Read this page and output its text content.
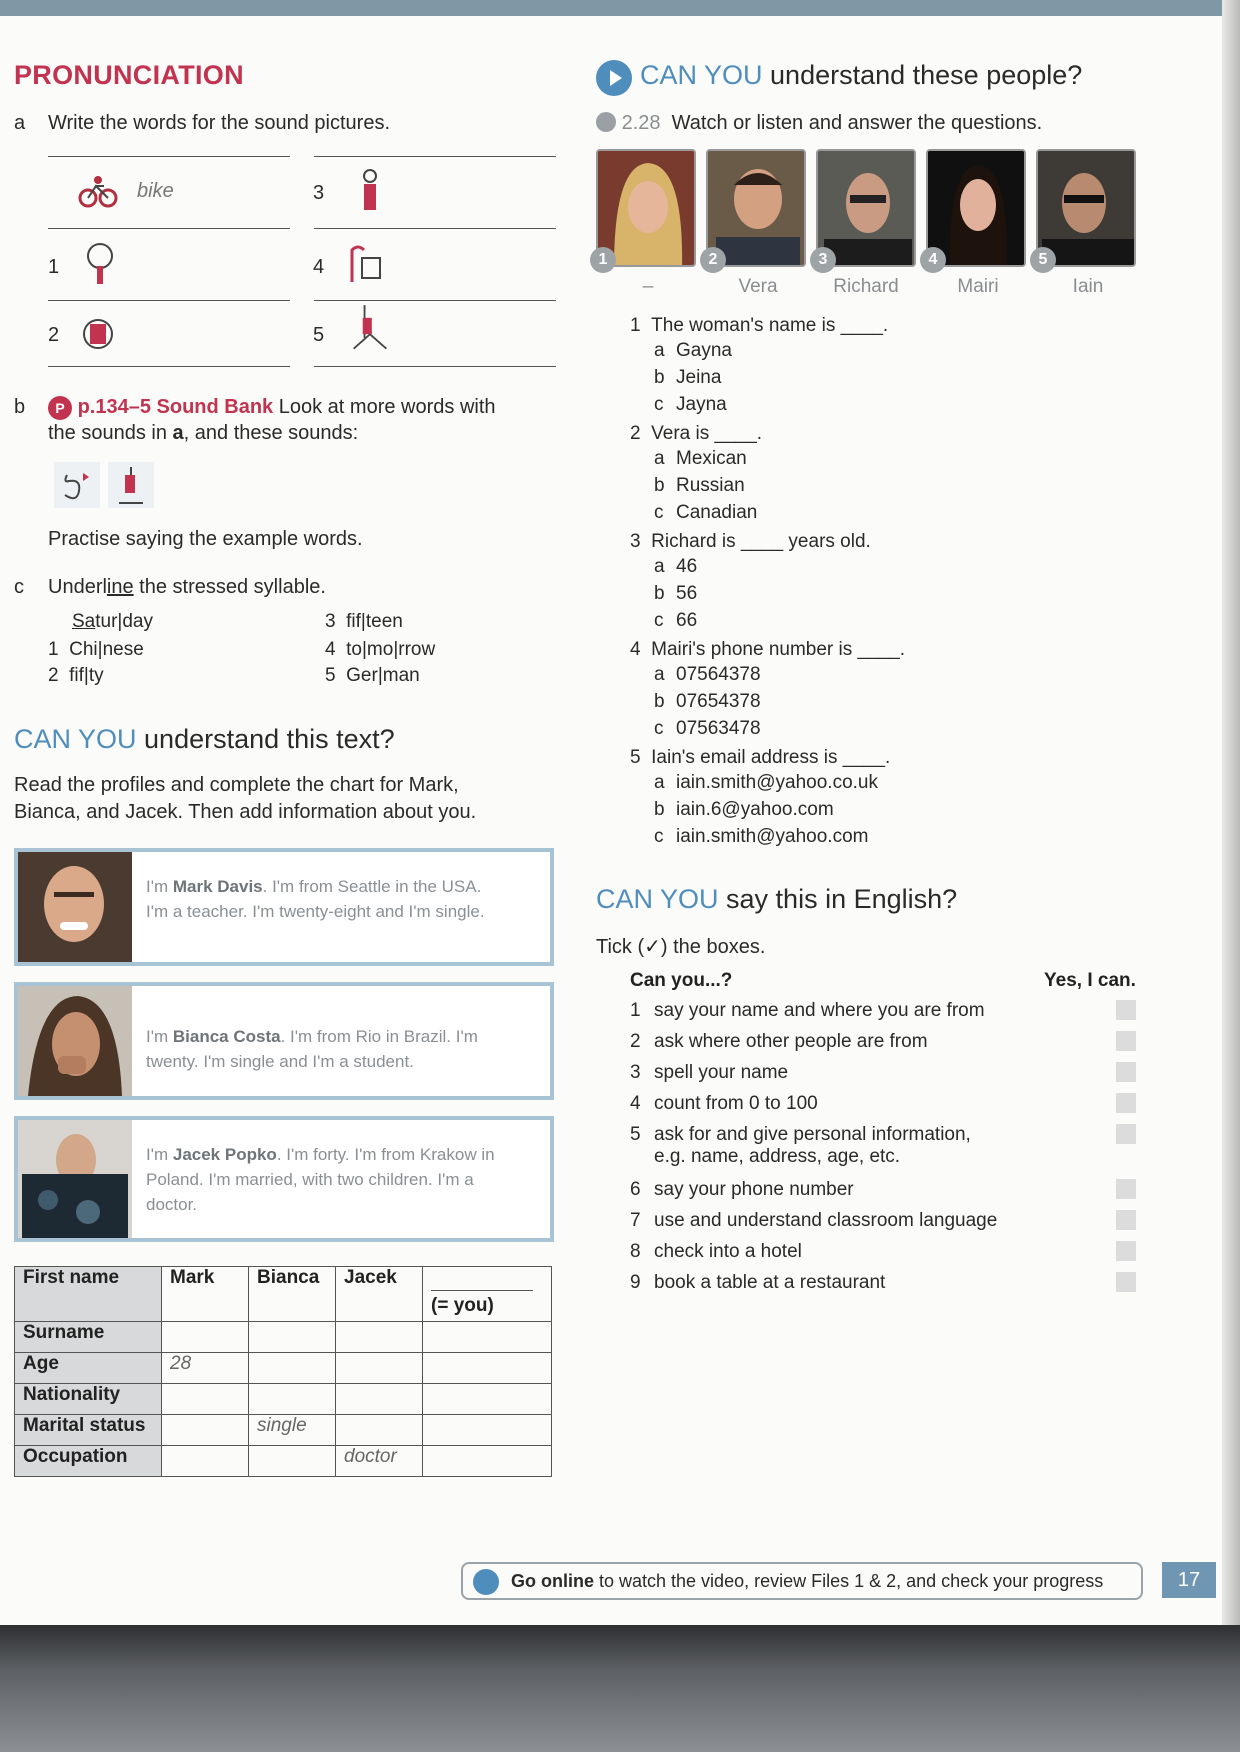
PRONUNCIATION
a Write the words for the sound pictures.
bike	3
1	4
2	5
b	P p.134–5 Sound Bank Look at more words with
the sounds in a, and these sounds:
Practise saying the example words.
c Underline the stressed syllable.
Satur|day
1 Chi|nese
2 fif|ty
3 fif|teen
4 to|mo|rrow
5 Ger|man
CAN YOU understand this text?
Read the profiles and complete the chart for Mark,
Bianca, and Jacek. Then add information about you.
I'm Mark Davis. I'm from Seattle in the USA.
I'm a teacher. I'm twenty-eight and I'm single.
I'm Bianca Costa. I'm from Rio in Brazil. I'm
twenty. I'm single and I'm a student.
I'm Jacek Popko. I'm forty. I'm from Krakow in
Poland. I'm married, with two children. I'm a
doctor.
First name	Mark	Bianca	Jacek	(= you)
Surname				
Age	28			
Nationality				
Marital status		single		
Occupation			doctor	
CAN YOU understand these people?
2.28 Watch or listen and answer the questions.
1	2	3	4	5
–	Vera	Richard	Mairi	Iain
1 The woman's name is ____.
a Gayna
b Jeina
c Jayna
2 Vera is ____.
a Mexican
b Russian
c Canadian
3 Richard is ____ years old.
a 46
b 56
c 66
4 Mairi's phone number is ____.
a 07564378
b 07654378
c 07563478
5 Iain's email address is ____.
a iain.smith@yahoo.co.uk
b iain.6@yahoo.com
c iain.smith@yahoo.com
CAN YOU say this in English?
Tick (✓) the boxes.
Can you...?	Yes, I can.
1 say your name and where you are from
2 ask where other people are from
3 spell your name
4 count from 0 to 100
5 ask for and give personal information,
e.g. name, address, age, etc.
6 say your phone number
7 use and understand classroom language
8 check into a hotel
9 book a table at a restaurant
Go online to watch the video, review Files 1 & 2, and check your progress	17
